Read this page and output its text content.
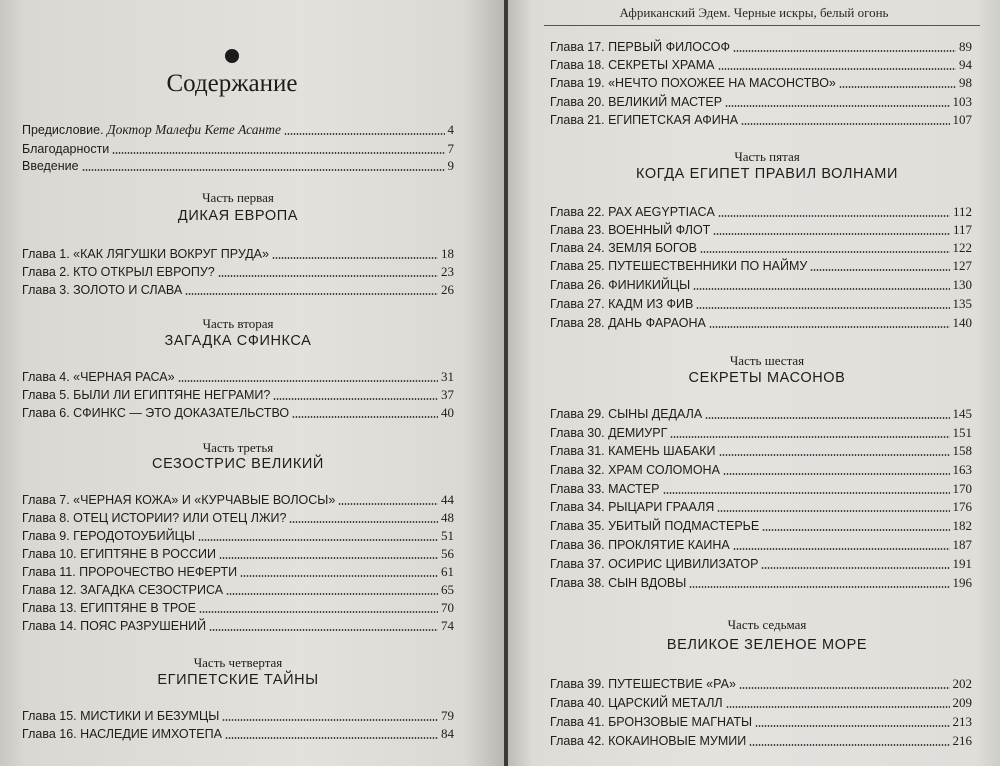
Содержание
Предисловие. Доктор Малефи Кете Асанте	4
Благодарности	7
Введение	9
Часть первая
ДИКАЯ ЕВРОПА
Глава 1. «КАК ЛЯГУШКИ ВОКРУГ ПРУДА»	18
Глава 2. КТО ОТКРЫЛ ЕВРОПУ?	23
Глава 3. ЗОЛОТО И СЛАВА	26
Часть вторая
ЗАГАДКА СФИНКСА
Глава 4. «ЧЕРНАЯ РАСА»	31
Глава 5. БЫЛИ ЛИ ЕГИПТЯНЕ НЕГРАМИ?	37
Глава 6. СФИНКС — ЭТО ДОКАЗАТЕЛЬСТВО	40
Часть третья
СЕЗОСТРИС ВЕЛИКИЙ
Глава 7. «ЧЕРНАЯ КОЖА» И «КУРЧАВЫЕ ВОЛОСЫ»	44
Глава 8. ОТЕЦ ИСТОРИИ? ИЛИ ОТЕЦ ЛЖИ?	48
Глава 9. ГЕРОДОТОУБИЙЦЫ	51
Глава 10. ЕГИПТЯНЕ В РОССИИ	56
Глава 11. ПРОРОЧЕСТВО НЕФЕРТИ	61
Глава 12. ЗАГАДКА СЕЗОСТРИСА	65
Глава 13. ЕГИПТЯНЕ В ТРОЕ	70
Глава 14. ПОЯС РАЗРУШЕНИЙ	74
Часть четвертая
ЕГИПЕТСКИЕ ТАЙНЫ
Глава 15. МИСТИКИ И БЕЗУМЦЫ	79
Глава 16. НАСЛЕДИЕ ИМХОТЕПА	84
Африканский Эдем. Черные искры, белый огонь
Глава 17. ПЕРВЫЙ ФИЛОСОФ	89
Глава 18. СЕКРЕТЫ ХРАМА	94
Глава 19. «НЕЧТО ПОХОЖЕЕ НА МАСОНСТВО»	98
Глава 20. ВЕЛИКИЙ МАСТЕР	103
Глава 21. ЕГИПЕТСКАЯ АФИНА	107
Часть пятая
КОГДА ЕГИПЕТ ПРАВИЛ ВОЛНАМИ
Глава 22. PAX AEGYPTIACA	112
Глава 23. ВОЕННЫЙ ФЛОТ	117
Глава 24. ЗЕМЛЯ БОГОВ	122
Глава 25. ПУТЕШЕСТВЕННИКИ ПО НАЙМУ	127
Глава 26. ФИНИКИЙЦЫ	130
Глава 27. КАДМ ИЗ ФИВ	135
Глава 28. ДАНЬ ФАРАОНА	140
Часть шестая
СЕКРЕТЫ МАСОНОВ
Глава 29. СЫНЫ ДЕДАЛА	145
Глава 30. ДЕМИУРГ	151
Глава 31. КАМЕНЬ ШАБАКИ	158
Глава 32. ХРАМ СОЛОМОНА	163
Глава 33. МАСТЕР	170
Глава 34. РЫЦАРИ ГРААЛЯ	176
Глава 35. УБИТЫЙ ПОДМАСТЕРЬЕ	182
Глава 36. ПРОКЛЯТИЕ КАИНА	187
Глава 37. ОСИРИС ЦИВИЛИЗАТОР	191
Глава 38. СЫН ВДОВЫ	196
Часть седьмая
ВЕЛИКОЕ ЗЕЛЕНОЕ МОРЕ
Глава 39. ПУТЕШЕСТВИЕ «РА»	202
Глава 40. ЦАРСКИЙ МЕТАЛЛ	209
Глава 41. БРОНЗОВЫЕ МАГНАТЫ	213
Глава 42. КОКАИНОВЫЕ МУМИИ	216
